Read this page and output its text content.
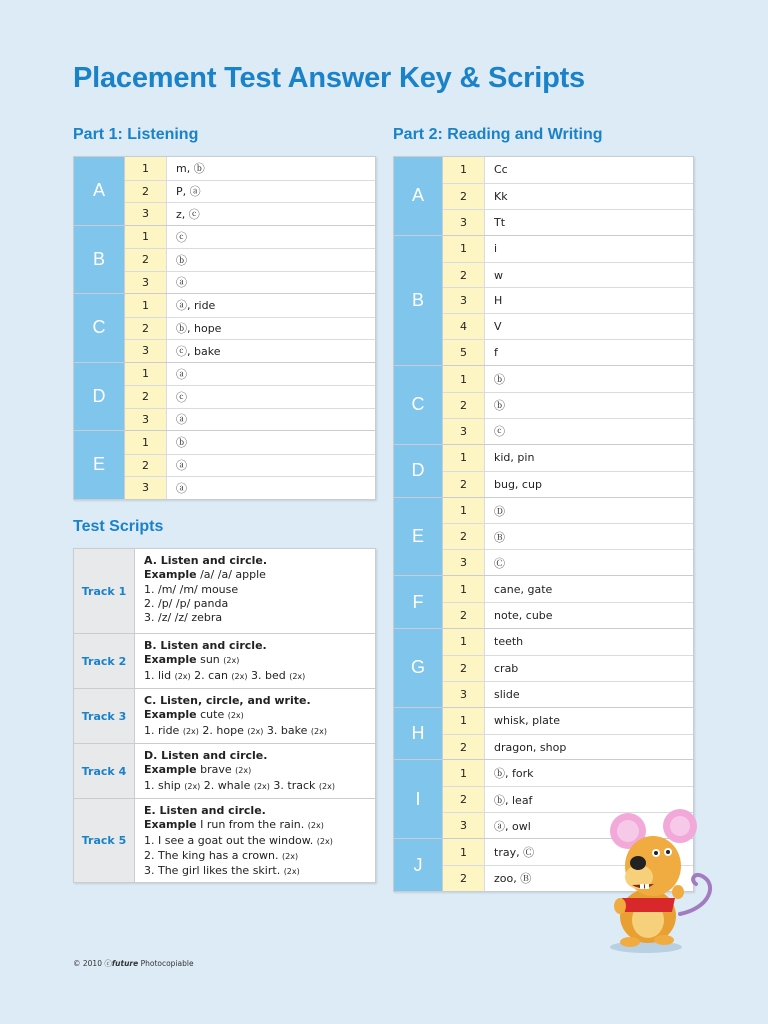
Placement Test Answer Key & Scripts
Part 1: Listening	Part 2: Reading and Writing
A
1	m, ⓑ
2	P, ⓐ
3	z, ⓒ
B
1	ⓒ
2	ⓑ
3	ⓐ
C
1	ⓐ, ride
2	ⓑ, hope
3	ⓒ, bake
D
1	ⓐ
2	ⓒ
3	ⓐ
E
1	ⓑ
2	ⓐ
3	ⓐ
A
1	Cc
2	Kk
3	Tt
B
1	i
2	w
3	H
4	V
5	f
C
1	ⓑ
2	ⓑ
3	ⓒ
D
1	kid, pin
2	bug, cup
E
1	Ⓓ
2	Ⓑ
3	Ⓒ
F
1	cane, gate
2	note, cube
G
1	teeth
2	crab
3	slide
H
1	whisk, plate
2	dragon, shop
I
1	ⓑ, fork
2	ⓑ, leaf
3	ⓐ, owl
J
1	tray, Ⓒ
2	zoo, Ⓑ
Test Scripts
Track 1
A. Listen and circle.
Example /a/ /a/ apple
1. /m/ /m/ mouse
2. /p/ /p/ panda
3. /z/ /z/ zebra
Track 2
B. Listen and circle.
Example sun (2x)
1. lid (2x) 2. can (2x) 3. bed (2x)
Track 3
C. Listen, circle, and write.
Example cute (2x)
1. ride (2x) 2. hope (2x) 3. bake (2x)
Track 4
D. Listen and circle.
Example brave (2x)
1. ship (2x) 2. whale (2x) 3. track (2x)
Track 5
E. Listen and circle.
Example I run from the rain. (2x)
1. I see a goat out the window. (2x)
2. The king has a crown. (2x)
3. The girl likes the skirt. (2x)
© 2010 ⓒfuture Photocopiable
